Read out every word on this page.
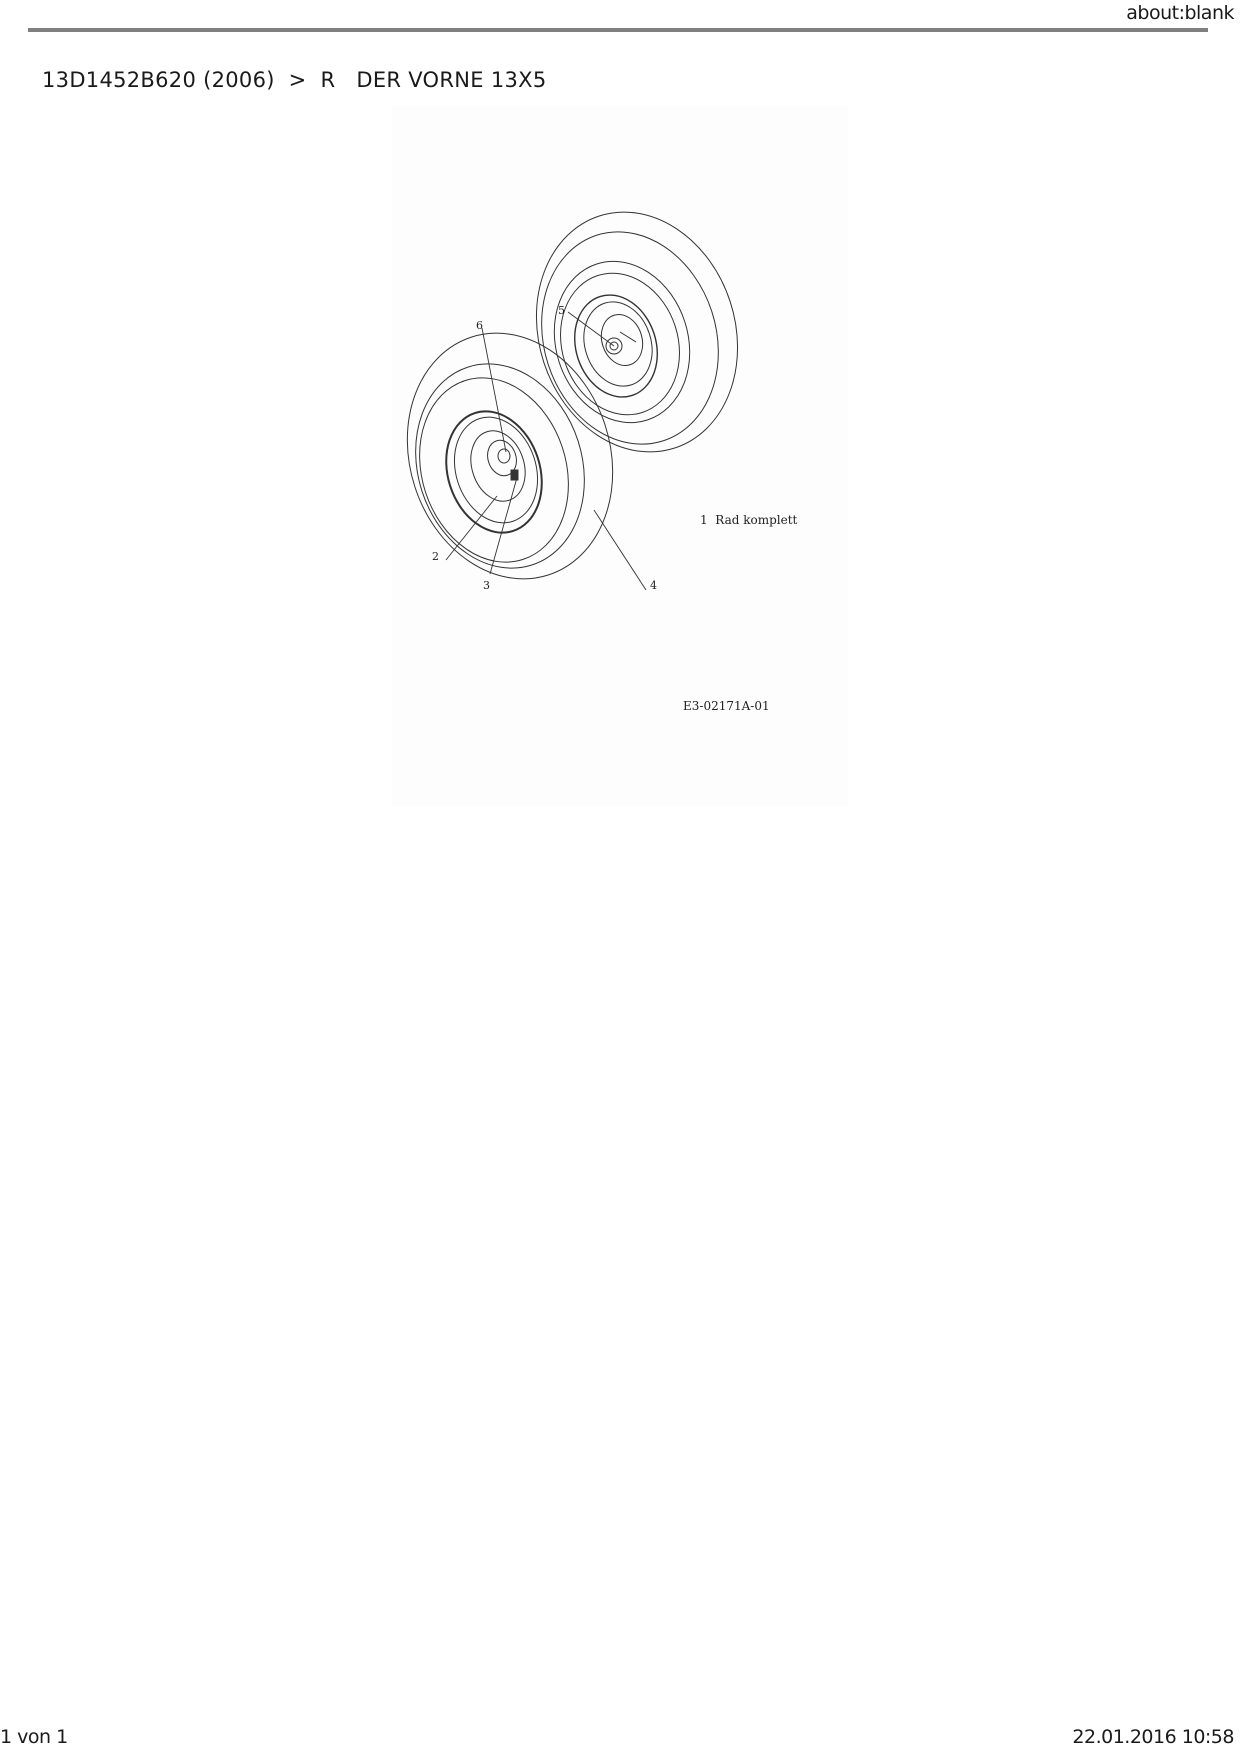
about:blank
13D1452B620 (2006)  >  R   DER VORNE 13X5
5
6
2
3	4
1  Rad komplett
E3-02171A-01
1 von 1	22.01.2016 10:58
